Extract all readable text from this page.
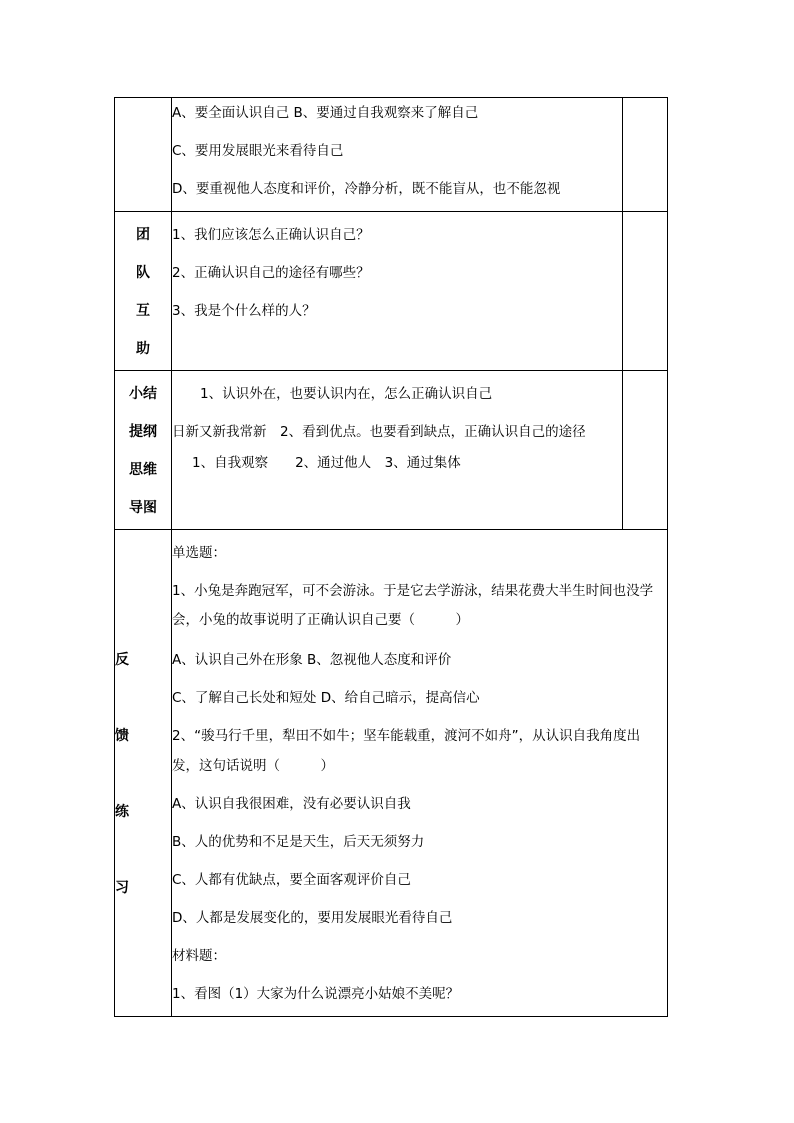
A、要全面认识自己 B、要通过自我观察来了解自己
C、要用发展眼光来看待自己
D、要重视他人态度和评价，冷静分析，既不能盲从，也不能忽视
团
队
互
助
1、我们应该怎么正确认识自己？
2、正确认识自己的途径有哪些？
3、我是个什么样的人？
小结
提纲
思维
导图
1、认识外在，也要认识内在，怎么正确认识自己
日新又新我常新　2、看到优点。也要看到缺点，正确认识自己的途径
1、自我观察　　2、通过他人　3、通过集体
反
馈
练
习
单选题：
1、小兔是奔跑冠军，可不会游泳。于是它去学游泳，结果花费大半生时间也没学
会，小兔的故事说明了正确认识自己要（　　　）
A、认识自己外在形象 B、忽视他人态度和评价
C、了解自己长处和短处 D、给自己暗示，提高信心
2、“骏马行千里，犁田不如牛；坚车能载重，渡河不如舟”，从认识自我角度出
发，这句话说明（　　　）
A、认识自我很困难，没有必要认识自我
B、人的优势和不足是天生，后天无须努力
C、人都有优缺点，要全面客观评价自己
D、人都是发展变化的，要用发展眼光看待自己
材料题：
1、看图（1）大家为什么说漂亮小姑娘不美呢？
